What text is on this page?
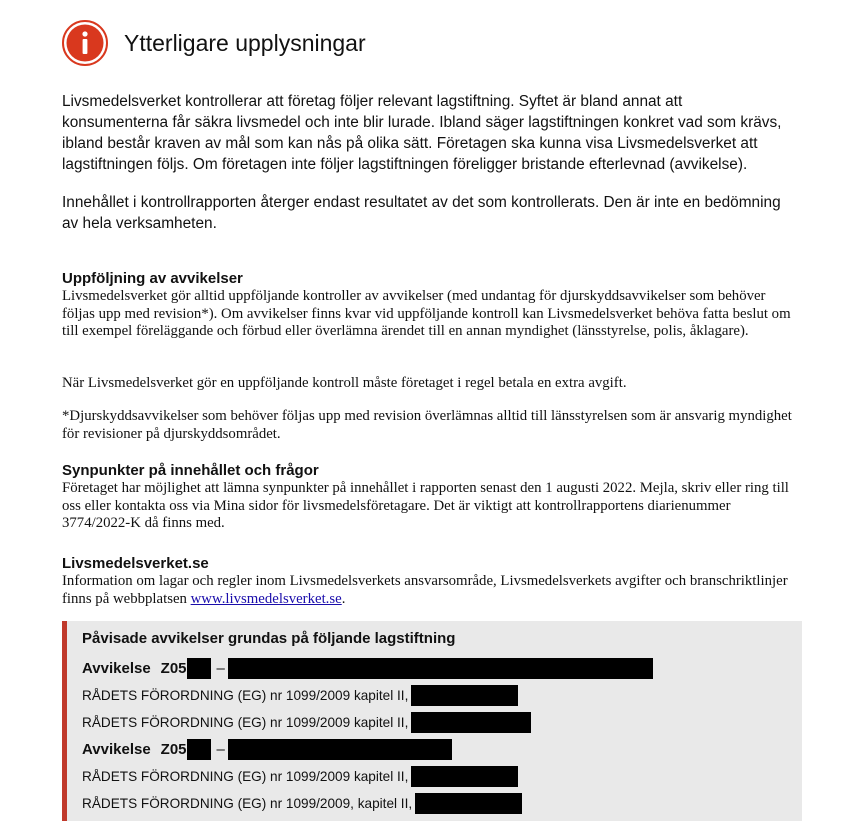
Ytterligare upplysningar

Livsmedelsverket kontrollerar att företag följer relevant lagstiftning. Syftet är bland annat att konsumenterna får säkra livsmedel och inte blir lurade. Ibland säger lagstiftningen konkret vad som krävs, ibland består kraven av mål som kan nås på olika sätt. Företagen ska kunna visa Livsmedelsverket att lagstiftningen följs. Om företagen inte följer lagstiftningen föreligger bristande efterlevnad (avvikelse).

Innehållet i kontrollrapporten återger endast resultatet av det som kontrollerats. Den är inte en bedömning av hela verksamheten.

Uppföljning av avvikelser

Livsmedelsverket gör alltid uppföljande kontroller av avvikelser (med undantag för djurskyddsavvikelser som behöver följas upp med revision*). Om avvikelser finns kvar vid uppföljande kontroll kan Livsmedelsverket behöva fatta beslut om till exempel föreläggande och förbud eller överlämna ärendet till en annan myndighet (länsstyrelse, polis, åklagare).

När Livsmedelsverket gör en uppföljande kontroll måste företaget i regel betala en extra avgift.

*Djurskyddsavvikelser som behöver följas upp med revision överlämnas alltid till länsstyrelsen som är ansvarig myndighet för revisioner på djurskyddsområdet.

Synpunkter på innehållet och frågor

Företaget har möjlighet att lämna synpunkter på innehållet i rapporten senast den 1 augusti 2022. Mejla, skriv eller ring till oss eller kontakta oss via Mina sidor för livsmedelsföretagare. Det är viktigt att kontrollrapportens diarienummer 3774/2022-K då finns med.

Livsmedelsverket.se

Information om lagar och regler inom Livsmedelsverkets ansvarsområde, Livsmedelsverkets avgifter och branschriktlinjer finns på webbplatsen www.livsmedelsverket.se.

Påvisade avvikelser grundas på följande lagstiftning
Avvikelse Z05 –
RÅDETS FÖRORDNING (EG) nr 1099/2009 kapitel II,
RÅDETS FÖRORDNING (EG) nr 1099/2009 kapitel II,
Avvikelse Z05 –
RÅDETS FÖRORDNING (EG) nr 1099/2009 kapitel II,
RÅDETS FÖRORDNING (EG) nr 1099/2009, kapitel II,
